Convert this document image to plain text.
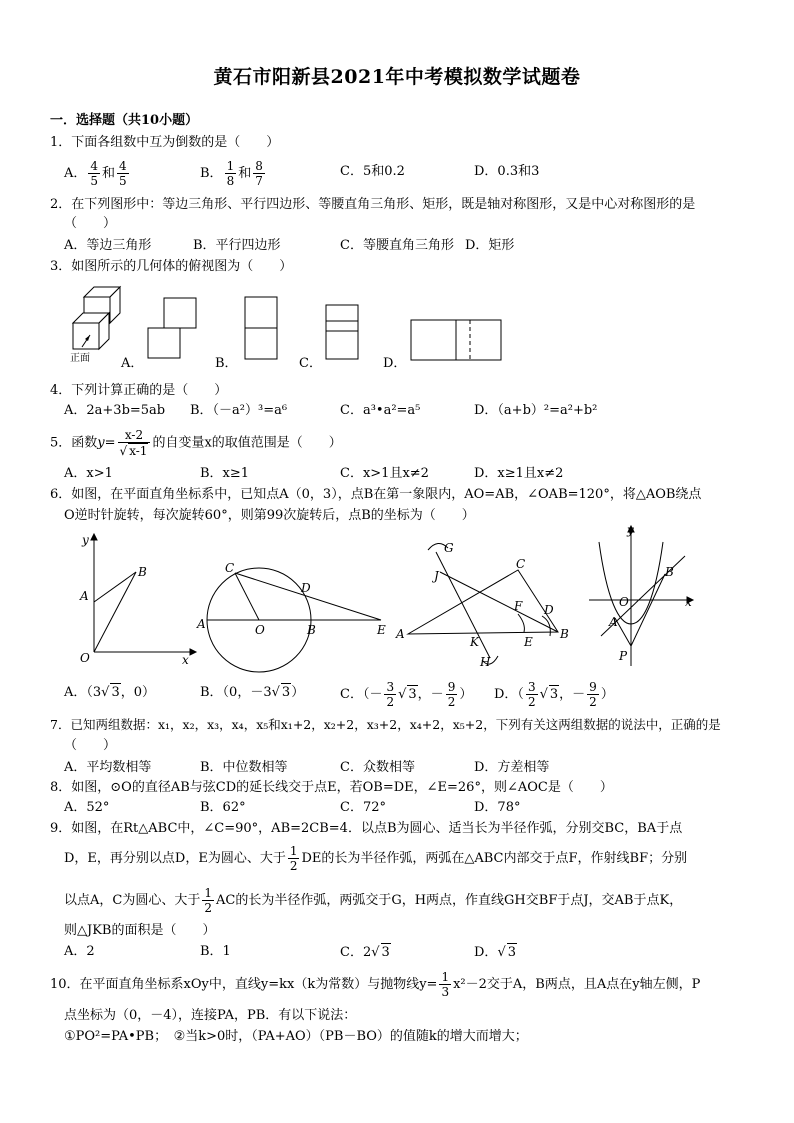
黄石市阳新县2021年中考模拟数学试题卷
一．选择题（共10小题）
1．下面各组数中互为倒数的是（　　）
A． $\frac{4}{5}$ 和 $\frac{4}{5}$	B． $\frac{1}{8}$ 和 $\frac{8}{7}$	C．5和0.2	D．0.3和3
2．在下列图形中：等边三角形、平行四边形、等腰直角三角形、矩形，既是轴对称图形，又是中心对称图形的是
（　　）
A．等边三角形	B．平行四边形	C．等腰直角三角形 D．矩形
3．如图所示的几何体的俯视图为（　　）
正面 A．	B．	C．	D．
4．下列计算正确的是（　　）
A．2a+3b=5ab B．（－a²）³=a⁶	C．a³•a²=a⁵	D．（a+b）²=a²+b²
5．函数y= x-2
√ x-1 的自变量x的取值范围是（　　）
A．x>1	B．x≥1	C．x>1且x≠2	D．x≥1且x≠2
6．如图，在平面直角坐标系中，已知点A（0，3），点B在第一象限内，AO=AB，∠OAB=120°，将△AOB绕点
O逆时针旋转，每次旋转60°，则第99次旋转后，点B的坐标为（　　）
y
x
O
A
B	C
D
A	O	B	E
G
J
C
F D
A
K	E
B
H
y
x
O
A
B
P
A．（3 √ 3，0）	B．（0，－3 √ 3）	C．（－ $\frac{3}{2}$ √ 3，－ $\frac{9}{2}$ ） D．（ $\frac{3}{2}$ √ 3，－ $\frac{9}{2}$ ）
7．已知两组数据：x₁，x₂，x₃，x₄，x₅和x₁+2，x₂+2，x₃+2，x₄+2，x₅+2，下列有关这两组数据的说法中，正确的是
（　　）
A．平均数相等	B．中位数相等	C．众数相等	D．方差相等
8．如图，⊙O的直径AB与弦CD的延长线交于点E，若OB=DE，∠E=26°，则∠AOC是（　　）
A．52°	B．62°	C．72°	D．78°
9．如图，在Rt△ABC中，∠C=90°，AB=2CB=4．以点B为圆心、适当长为半径作弧，分别交BC，BA于点
D，E，再分别以点D，E为圆心、大于 $\frac{1}{2}$ DE的长为半径作弧，两弧在△ABC内部交于点F，作射线BF；分别
以点A，C为圆心、大于 $\frac{1}{2}$ AC的长为半径作弧，两弧交于G，H两点，作直线GH交BF于点J，交AB于点K，
则△JKB的面积是（　　）
A．2	B．1	C．2 √ 3	D． √ 3
10．在平面直角坐标系xOy中，直线y=kx（k为常数）与抛物线$y= \frac{1}{3} x^2-2$交于A，B两点，且A点在y轴左侧，P
点坐标为（0，－4），连接PA，PB．有以下说法：
①PO²=PA•PB；　②当k>0时，（PA+AO）（PB－BO）的值随k的增大而增大；
